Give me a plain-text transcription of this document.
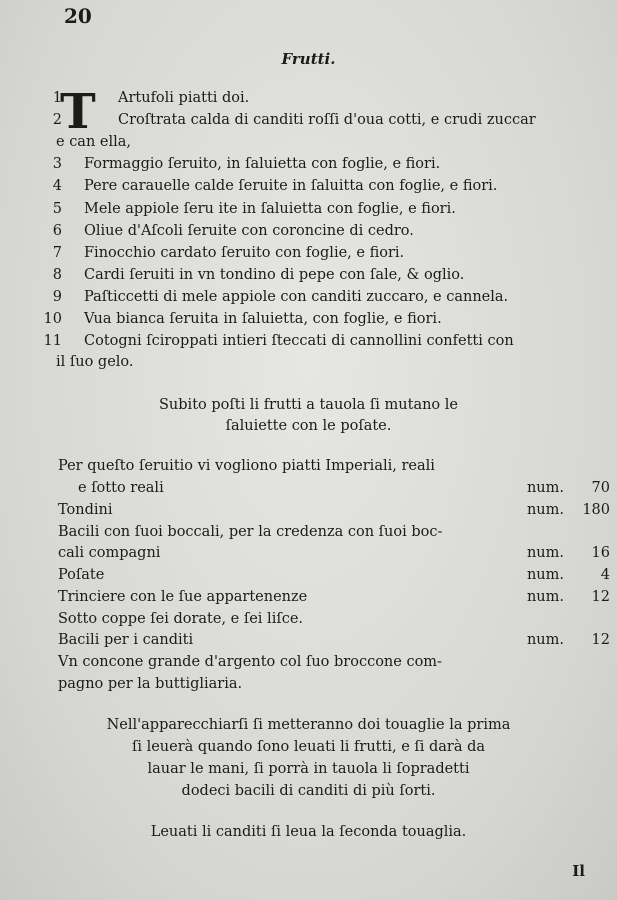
20
Frutti.
T
1	Artufoli piatti doi.
2	Croſtrata calda di canditi roſſi d'oua cotti, e crudi zuccar
e can ella,
3 Formaggio ſeruito, in ſaluietta con foglie, e fiori.
4 Pere carauelle calde ſeruite in ſaluitta con foglie, e fiori.
5 Mele appiole ſeru ite in ſaluietta con foglie, e fiori.
6 Oliue d'Aſcoli ſeruite con coroncine di cedro.
7 Finocchio cardato ſeruito con foglie, e fiori.
8 Cardi ſeruiti in vn tondino di pepe con ſale, & oglio.
9 Paſticcetti di mele appiole con canditi zuccaro, e cannela.
10 Vua bianca ſeruita in ſaluietta, con foglie, e fiori.
11 Cotogni ſciroppati intieri ſteccati di cannollini confetti con
il ſuo gelo.
Subito poſti li frutti a tauola ſi mutano le
ſaluiette con le poſate.
Per queſto ſeruitio vi vogliono piatti Imperiali, reali
e ſotto reali	num.	70
Tondini	num.	180
Bacili con ſuoi boccali, per la credenza con ſuoi boc-
cali compagni	num.	16
Poſate	num.	4
Trinciere con le ſue appartenenze	num.	12
Sotto coppe ſei dorate, e ſei liſce.
Bacili per i canditi	num.	12
Vn concone grande d'argento col ſuo broccone com-
pagno per la buttigliaria.
Nell'apparecchiarſi ſi metteranno doi touaglie la prima
ſi leuerà quando ſono leuati li frutti, e ſi darà da
lauar le mani, ſi porrà in tauola li ſopradetti
dodeci bacili di canditi di più ſorti.
Leuati li canditi ſi leua la ſeconda touaglia.
Il
